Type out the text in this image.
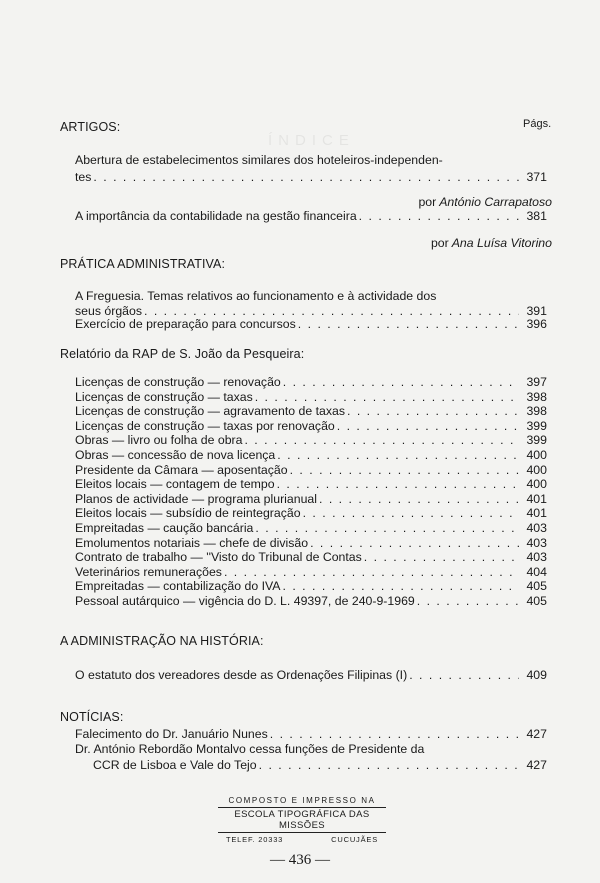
ÍNDICE
ARTIGOS:	Págs.
Abertura de estabelecimentos similares dos hoteleiros-independen-
tes . . .	371
por António Carrapatoso
A importância da contabilidade na gestão financeira . . .	381
por Ana Luísa Vitorino
PRÁTICA ADMINISTRATIVA:
A Freguesia. Temas relativos ao funcionamento e à actividade dos
seus órgãos . . .	391
Exercício de preparação para concursos . . .	396
Relatório da RAP de S. João da Pesqueira:
Licenças de construção — renovação . . .	397
Licenças de construção — taxas . . .	398
Licenças de construção — agravamento de taxas . . .	398
Licenças de construção — taxas por renovação . . .	399
Obras — livro ou folha de obra . . .	399
Obras — concessão de nova licença . . .	400
Presidente da Câmara — aposentação . . .	400
Eleitos locais — contagem de tempo . . .	400
Planos de actividade — programa plurianual . . .	401
Eleitos locais — subsídio de reintegração . . .	401
Empreitadas — caução bancária . . .	403
Emolumentos notariais — chefe de divisão . . .	403
Contrato de trabalho — ''Visto do Tribunal de Contas . . .	403
Veterinários remunerações . . .	404
Empreitadas — contabilização do IVA . . .	405
Pessoal autárquico — vigência do D. L. 49397, de 240-9-1969 . . .	405
A ADMINISTRAÇÃO NA HISTÓRIA:
O estatuto dos vereadores desde as Ordenações Filipinas (I) . . .	409
NOTÍCIAS:
Falecimento do Dr. Januário Nunes . . .	427
Dr. António Rebordão Montalvo cessa funções de Presidente da
CCR de Lisboa e Vale do Tejo . . .	427
COMPOSTO E IMPRESSO NA
ESCOLA TIPOGRÁFICA DAS MISSÕES
TELEF. 20333	CUCUJÃES
— 436 —
